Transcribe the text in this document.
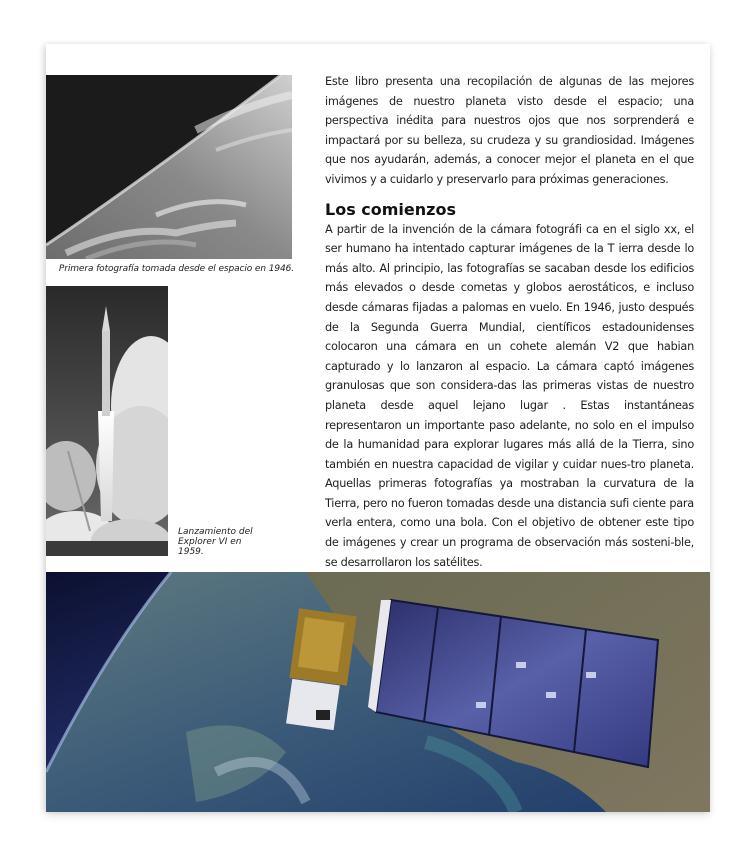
Primera fotografía tomada desde el espacio en 1946.
Lanzamiento del
Explorer VI en
1959.

Este libro presenta una recopilación de algunas de las mejores imágenes de nuestro planeta visto desde el espacio; una perspectiva inédita para nuestros ojos que nos sorprenderá e impactará por su belleza, su crudeza y su grandiosidad. Imágenes que nos ayudarán, además, a conocer mejor el planeta en el que vivimos y a cuidarlo y preservarlo para próximas generaciones.

Los comienzos

A partir de la invención de la cámara fotográfi ca en el siglo xx, el ser humano ha intentado capturar imágenes de la T ierra desde lo más alto. Al principio, las fotografías se sacaban desde los edificios más elevados o desde cometas y globos aerostáticos, e incluso desde cámaras fijadas a palomas en vuelo. En 1946, justo después de la Segunda Guerra Mundial, científicos estadounidenses colocaron una cámara en un cohete alemán V2 que habian capturado y lo lanzaron al espacio. La cámara captó imágenes granulosas que son considera-das las primeras vistas de nuestro planeta desde aquel lejano lugar . Estas instantáneas representaron un importante paso adelante, no solo en el impulso de la humanidad para explorar lugares más allá de la Tierra, sino también en nuestra capacidad de vigilar y cuidar nues-tro planeta. Aquellas primeras fotografías ya mostraban la curvatura de la Tierra, pero no fueron tomadas desde una distancia sufi ciente para verla entera, como una bola. Con el objetivo de obtener este tipo de imágenes y crear un programa de observación más sosteni-ble, se desarrollaron los satélites.
